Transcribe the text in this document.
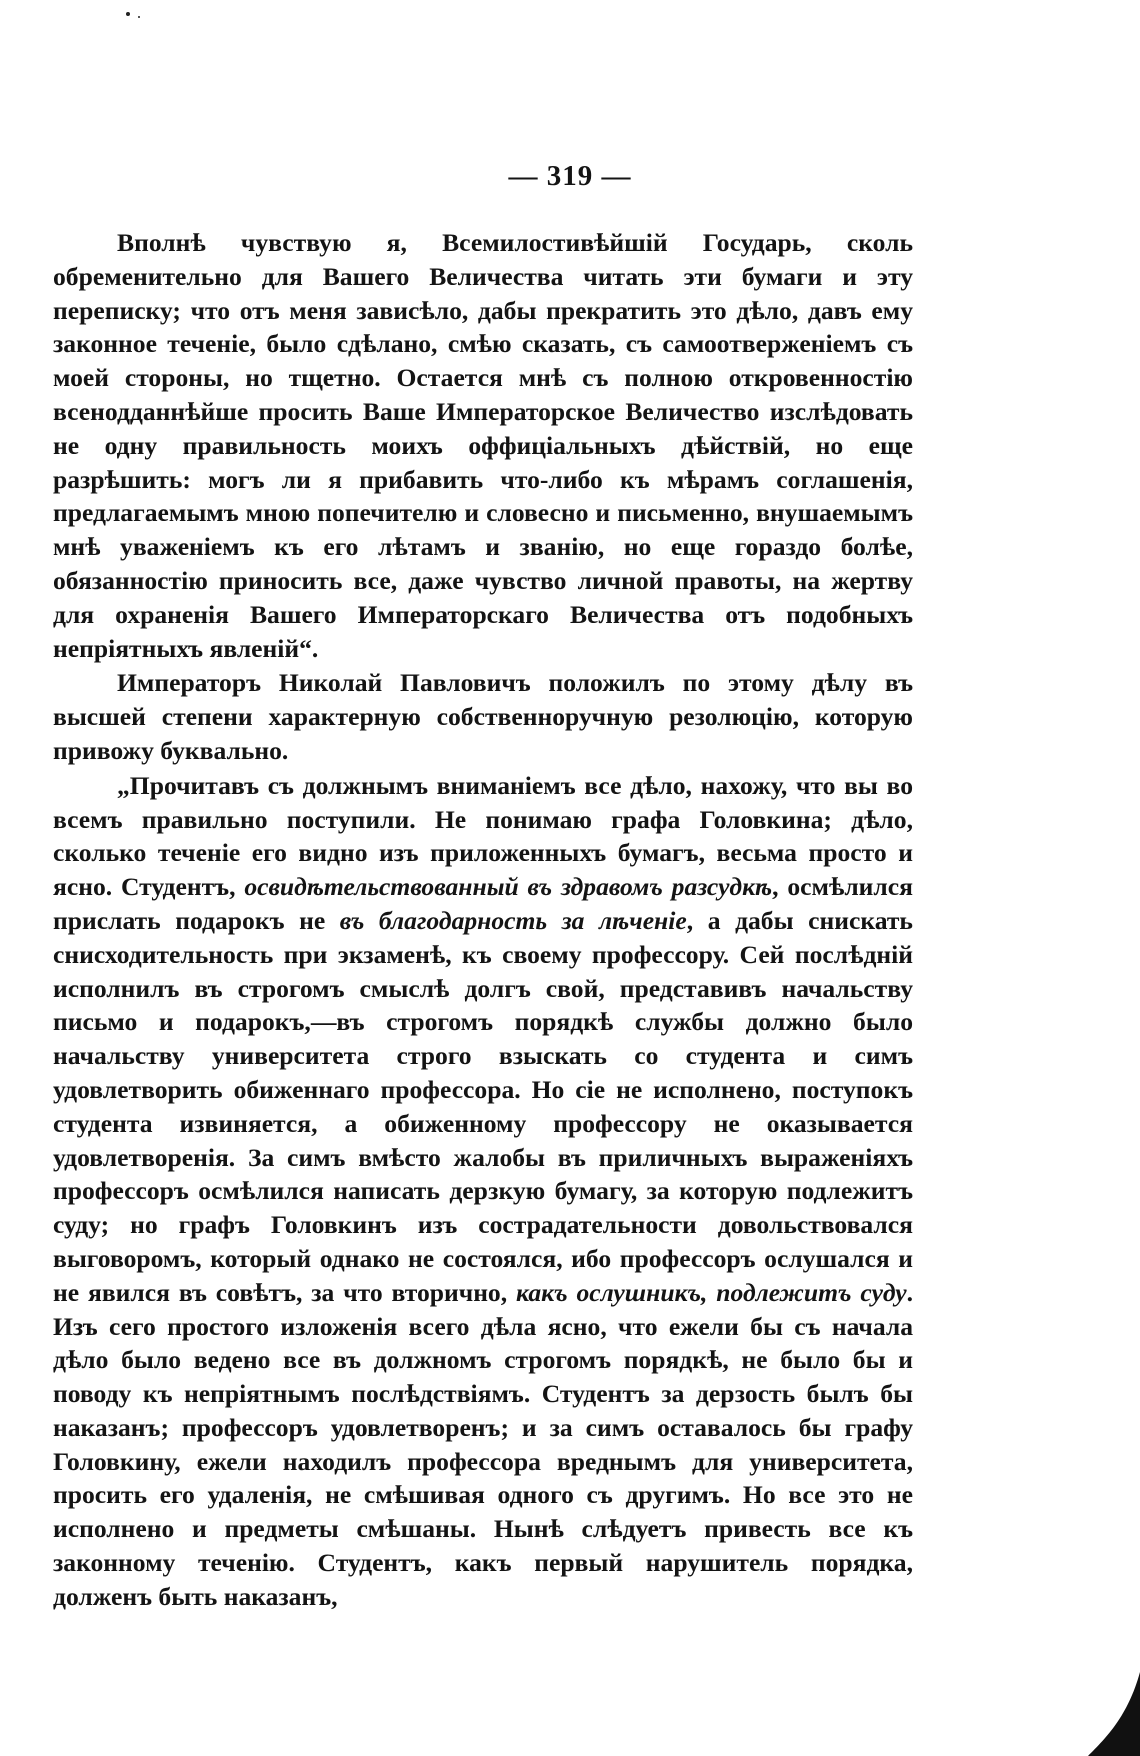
— 319 —

Вполнѣ чувствую я, Всемилостивѣйшiй Государь, сколь обременительно для Вашего Величества читать эти бумаги и эту переписку; что отъ меня зависѣло, дабы прекратить это дѣло, давъ ему законное теченiе, было сдѣлано, смѣю сказать, съ самоотверженiемъ съ моей стороны, но тщетно. Остается мнѣ съ полною откровенностiю всенодданнѣйше просить Ваше Императорское Величество изслѣдовать не одну правильность моихъ оффицiальныхъ дѣйствiй, но еще разрѣшить: могъ ли я прибавить что-либо къ мѣрамъ соглашенiя, предлагаемымъ мною попечителю и словесно и письменно, внушаемымъ мнѣ уваженiемъ къ его лѣтамъ и званiю, но еще гораздо болѣе, обязанностiю приносить все, даже чувство личной правоты, на жертву для охраненiя Вашего Императорскаго Величества отъ подобныхъ непрiятныхъ явленiй“.

Императоръ Николай Павловичъ положилъ по этому дѣлу въ высшей степени характерную собственноручную резолюцiю, которую привожу буквально.

„Прочитавъ съ должнымъ вниманiемъ все дѣло, нахожу, что вы во всемъ правильно поступили. Не понимаю графа Головкина; дѣло, сколько теченiе его видно изъ приложенныхъ бумагъ, весьма просто и ясно. Студентъ, освидѣтельствованный въ здравомъ разсудкѣ, осмѣлился прислать подарокъ не въ благодарность за лѣченiе, а дабы снискать снисходительность при экзаменѣ, къ своему профессору. Сей послѣднiй исполнилъ въ строгомъ смыслѣ долгъ свой, представивъ начальству письмо и подарокъ,—въ строгомъ порядкѣ службы должно было начальству университета строго взыскать со студента и симъ удовлетворить обиженнаго профессора. Но сiе не исполнено, поступокъ студента извиняется, а обиженному профессору не оказывается удовлетворенiя. За симъ вмѣсто жалобы въ приличныхъ выраженiяхъ профессоръ осмѣлился написать дерзкую бумагу, за которую подлежитъ суду; но графъ Головкинъ изъ сострадательности довольствовался выговоромъ, который однако не состоялся, ибо профессоръ ослушался и не явился въ совѣтъ, за что вторично, какъ ослушникъ, подлежитъ суду. Изъ сего простого изложенiя всего дѣла ясно, что ежели бы съ начала дѣло было ведено все въ должномъ строгомъ порядкѣ, не было бы и поводу къ непрiятнымъ послѣдствiямъ. Студентъ за дерзость былъ бы наказанъ; профессоръ удовлетворенъ; и за симъ оставалось бы графу Головкину, ежели находилъ профессора вреднымъ для университета, просить его удаленiя, не смѣшивая одного съ другимъ. Но все это не исполнено и предметы смѣшаны. Нынѣ слѣдуетъ привесть все къ законному теченiю. Студентъ, какъ первый нарушитель порядка, долженъ быть наказанъ,
